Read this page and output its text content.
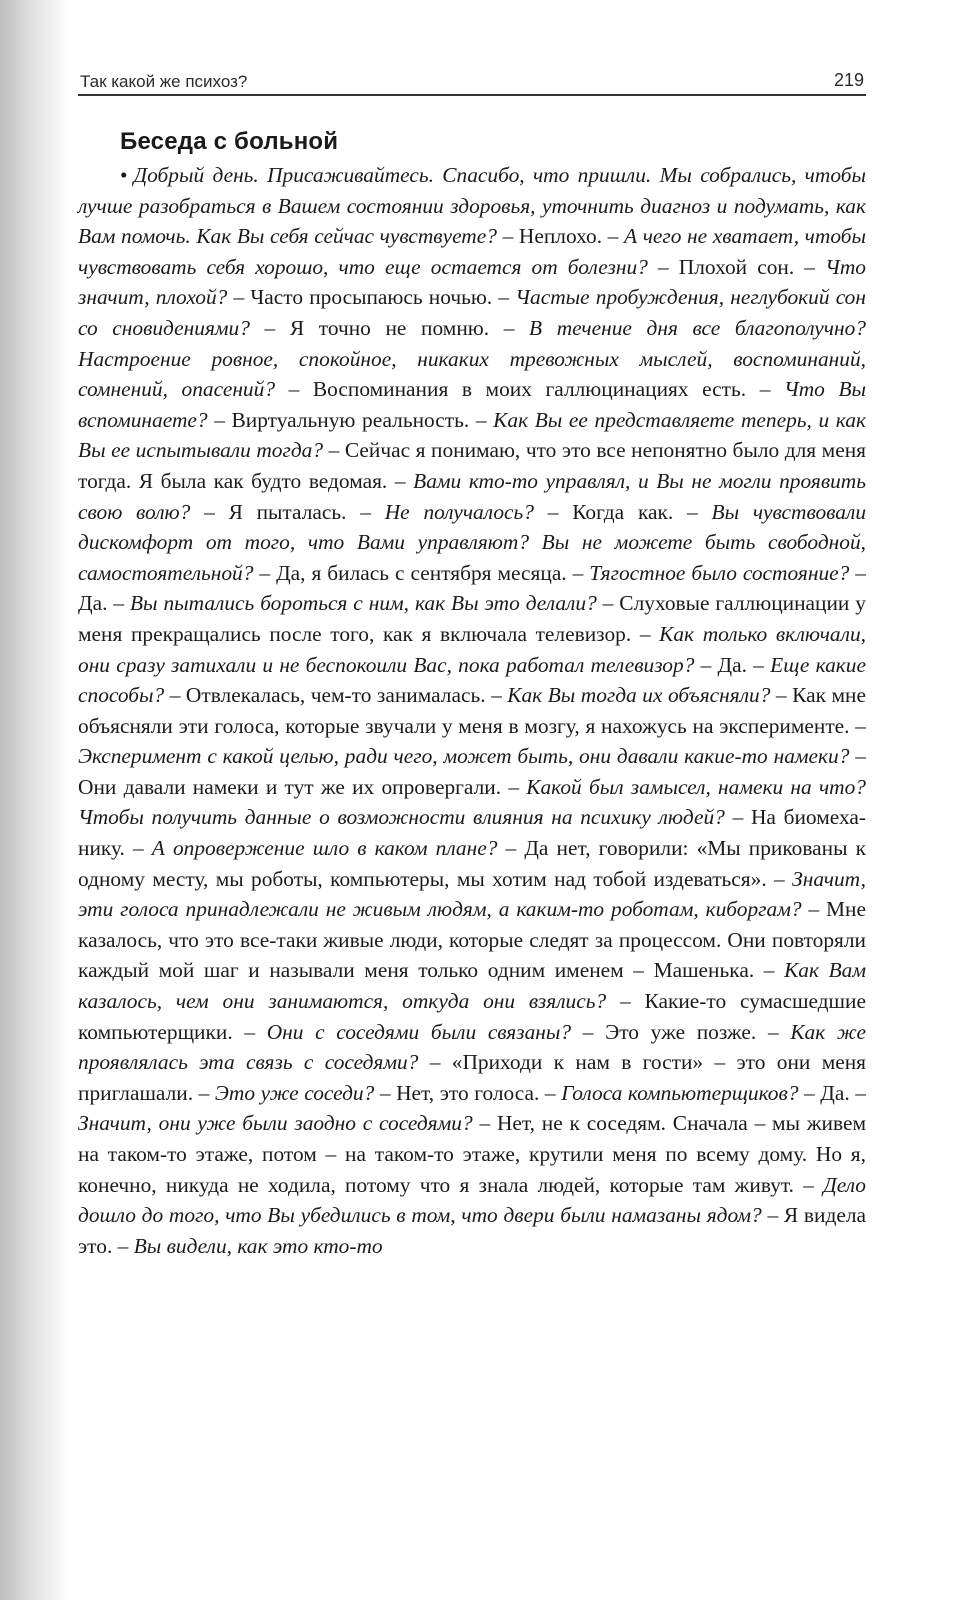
Так какой же психоз?	219
Беседа с больной

• Добрый день. Присаживайтесь. Спасибо, что пришли. Мы собрались, чтобы лучше разобраться в Вашем состоянии здоровья, уточнить диагноз и подумать, как Вам помочь. Как Вы себя сейчас чувствуете? – Неплохо. – А чего не хватает, чтобы чувствовать себя хорошо, что еще остается от болезни? – Плохой сон. – Что значит, плохой? – Часто просыпаюсь ночью. – Частые пробуждения, неглубокий сон со сновидениями? – Я точно не помню. – В течение дня все благополучно? Настроение ровное, спокойное, никаких тревожных мыслей, воспоминаний, сомнений, опасений? – Воспоминания в моих галлюцинациях есть. – Что Вы вспоминаете? – Виртуальную реальность. – Как Вы ее представляете теперь, и как Вы ее испытывали тогда? – Сейчас я понимаю, что это все непонятно было для меня тогда. Я была как будто ведомая. – Вами кто-то управлял, и Вы не могли проявить свою волю? – Я пыталась. – Не получалось? – Когда как. – Вы чувствовали дискомфорт от того, что Вами управляют? Вы не можете быть свободной, самостоятельной? – Да, я билась с сентября месяца. – Тягостное было состояние? – Да. – Вы пытались бороться с ним, как Вы это делали? – Слуховые галлюцинации у меня прекращались после того, как я включала телевизор. – Как только включали, они сразу затихали и не беспокоили Вас, пока работал телевизор? – Да. – Еще какие способы? – Отвлекалась, чем-то занималась. – Как Вы тогда их объясняли? – Как мне объясняли эти голоса, которые звучали у меня в мозгу, я нахожусь на эксперименте. – Эксперимент с какой целью, ради чего, может быть, они давали какие-то намеки? – Они давали намеки и тут же их опровергали. – Какой был замысел, намеки на что? Чтобы получить данные о возможности влияния на психику людей? – На биомеханику. – А опровержение шло в каком плане? – Да нет, говорили: «Мы прикованы к одному месту, мы роботы, компьютеры, мы хотим над тобой издеваться». – Значит, эти голоса принадлежали не живым людям, а каким-то роботам, киборгам? – Мне казалось, что это все-таки живые люди, которые следят за процессом. Они повторяли каждый мой шаг и называли меня только одним именем – Машенька. – Как Вам казалось, чем они занимаются, откуда они взялись? – Какие-то сумасшедшие компьютерщики. – Они с соседями были связаны? – Это уже позже. – Как же проявлялась эта связь с соседями? – «Приходи к нам в гости» – это они меня приглашали. – Это уже соседи? – Нет, это голоса. – Голоса компьютерщиков? – Да. – Значит, они уже были заодно с соседями? – Нет, не к соседям. Сначала – мы живем на таком-то этаже, потом – на таком-то этаже, крутили меня по всему дому. Но я, конечно, никуда не ходила, потому что я знала людей, которые там живут. – Дело дошло до того, что Вы убедились в том, что двери были намазаны ядом? – Я видела это. – Вы видели, как это кто-то
